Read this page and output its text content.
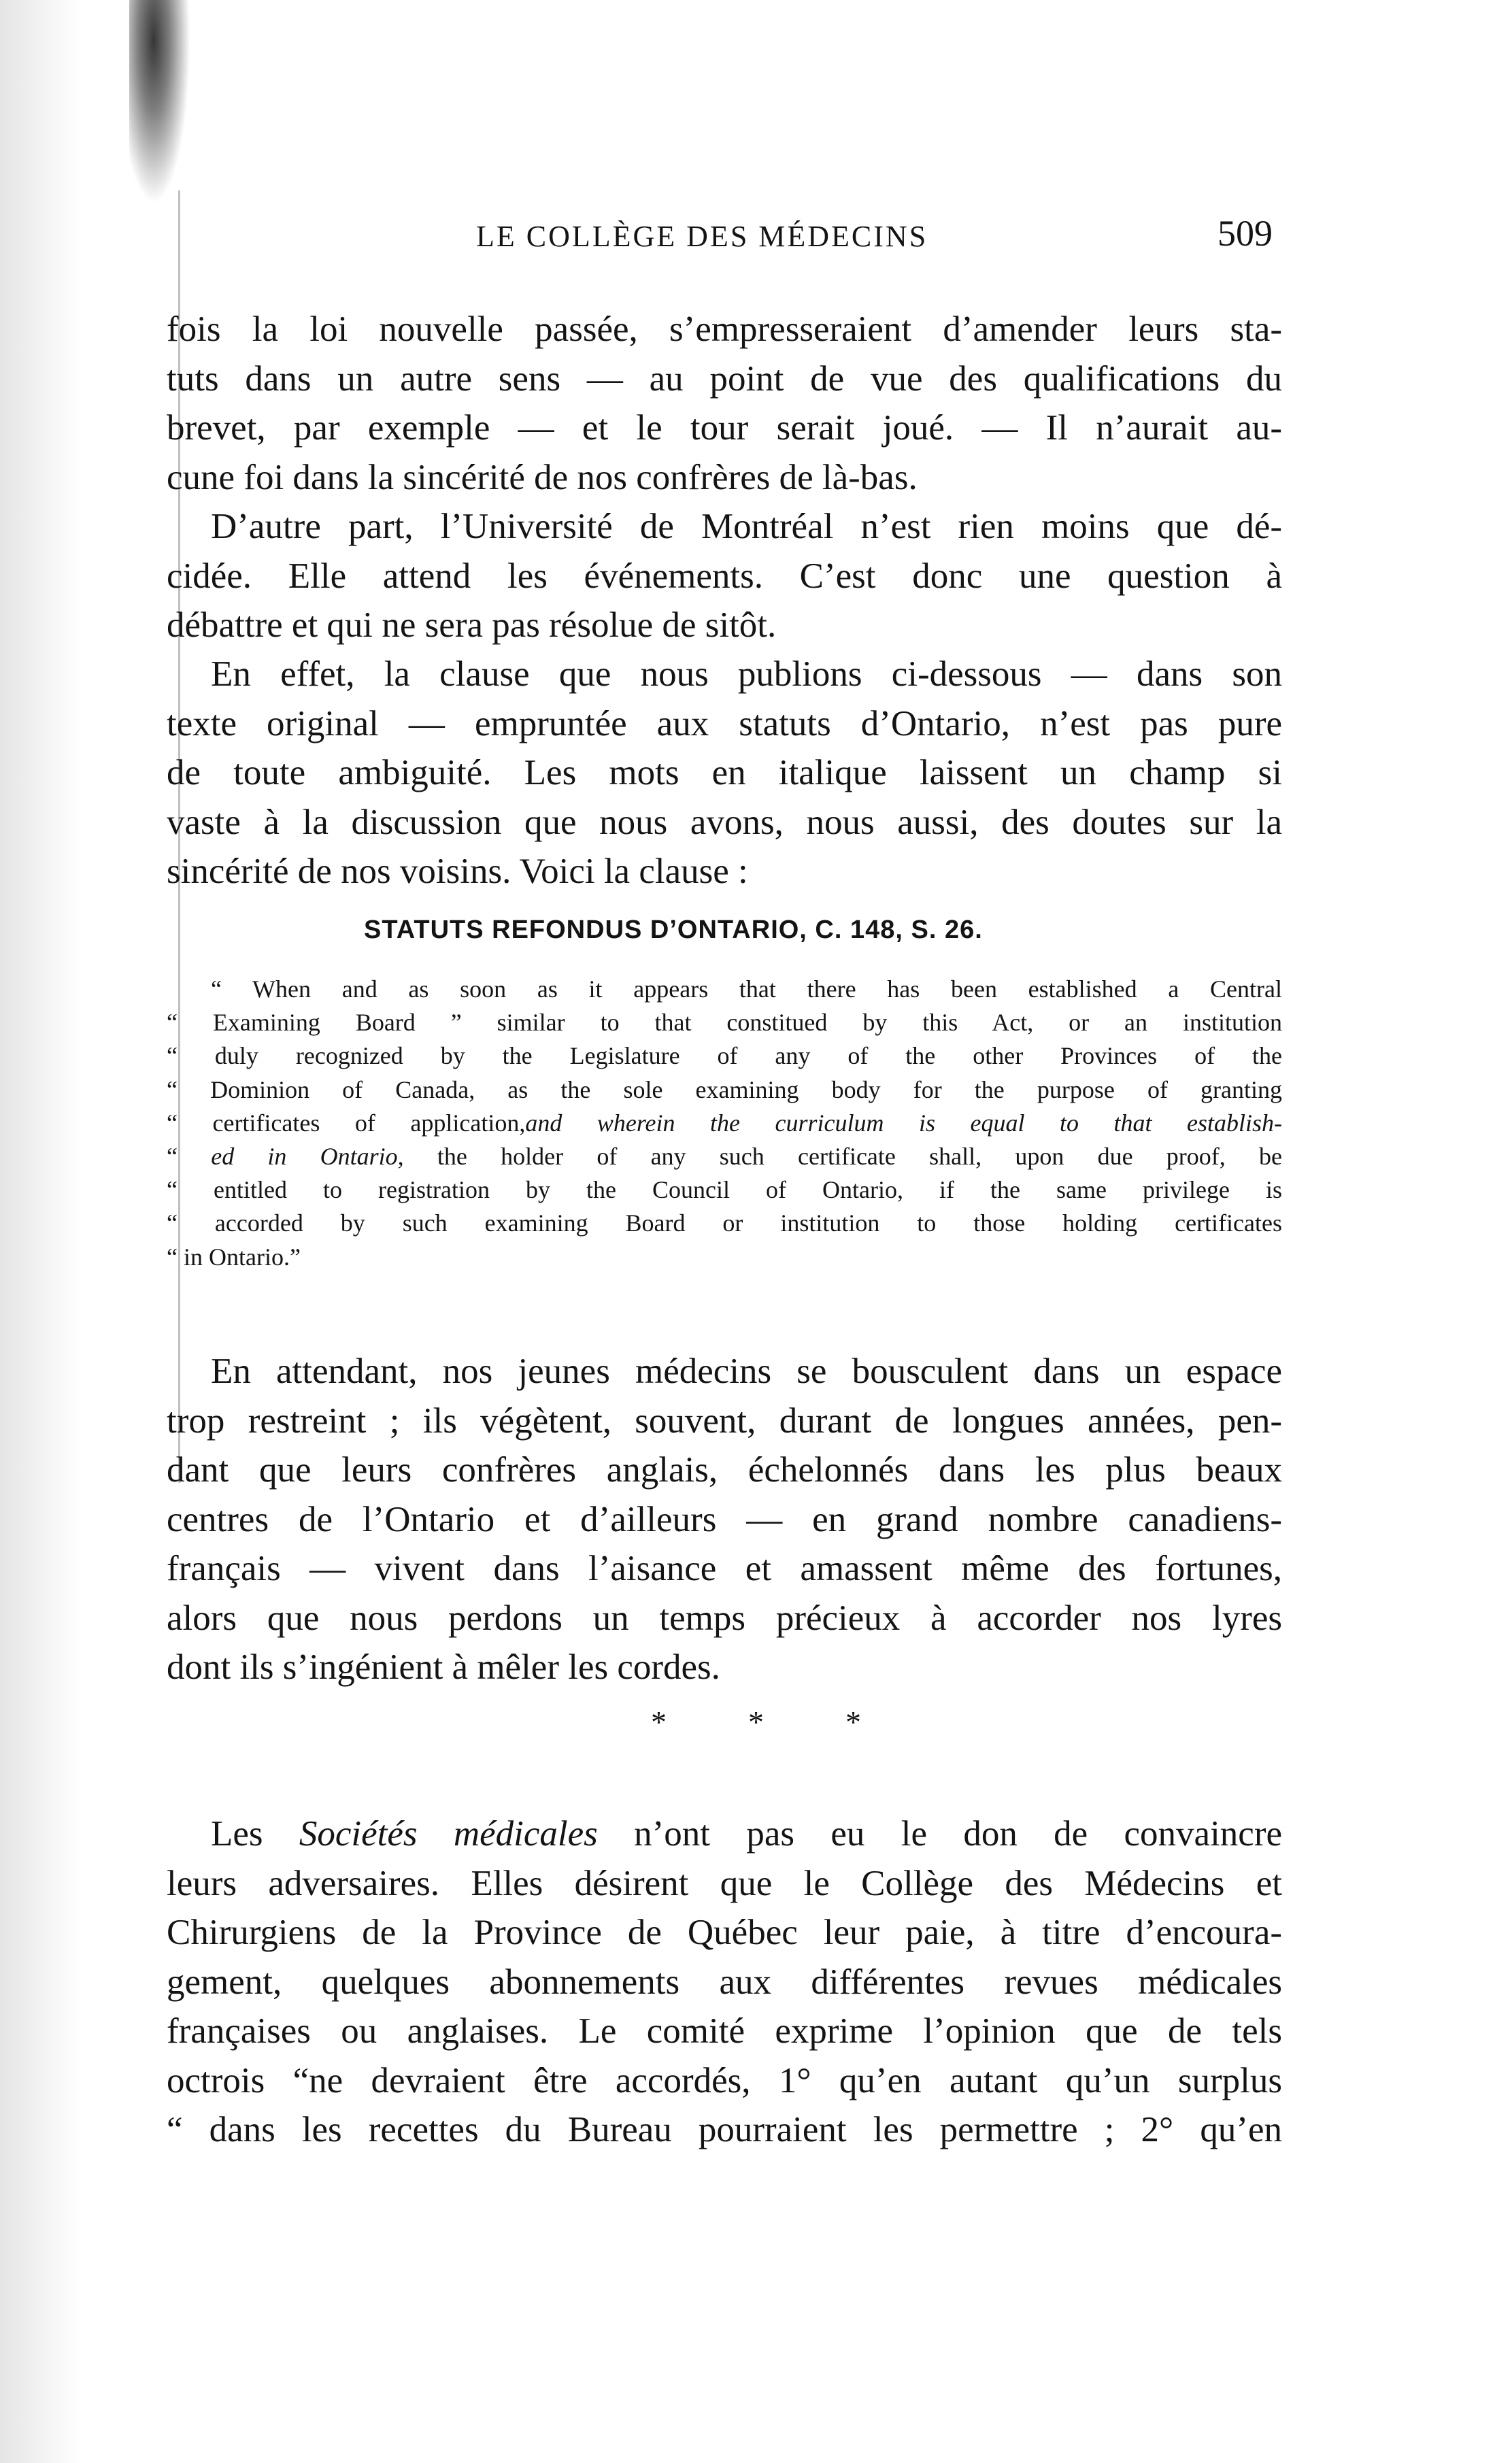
LE COLLÈGE DES MÉDECINS	509
fois la loi nouvelle passée, s’empresseraient d’amender leurs sta-
tuts dans un autre sens — au point de vue des qualifications du
brevet, par exemple — et le tour serait joué. — Il n’aurait au-
cune foi dans la sincérité de nos confrères de là-bas.
D’autre part, l’Université de Montréal n’est rien moins que dé-
cidée. Elle attend les événements. C’est donc une question à
débattre et qui ne sera pas résolue de sitôt.
En effet, la clause que nous publions ci-dessous — dans son
texte original — empruntée aux statuts d’Ontario, n’est pas pure
de toute ambiguité. Les mots en italique laissent un champ si
vaste à la discussion que nous avons, nous aussi, des doutes sur la
sincérité de nos voisins. Voici la clause :
STATUTS REFONDUS D’ONTARIO, C. 148, S. 26.
“ When and as soon as it appears that there has been established a Central
“ Examining Board ” similar to that constitued by this Act, or an institution
“ duly recognized by the Legislature of any of the other Provinces of the
“ Dominion of Canada, as the sole examining body for the purpose of granting
“ certificates of application,and wherein the curriculum is equal to that establish-
“ ed in Ontario, the holder of any such certificate shall, upon due proof, be
“ entitled to registration by the Council of Ontario, if the same privilege is
“ accorded by such examining Board or institution to those holding certificates
“ in Ontario.”
En attendant, nos jeunes médecins se bousculent dans un espace
trop restreint ; ils végètent, souvent, durant de longues années, pen-
dant que leurs confrères anglais, échelonnés dans les plus beaux
centres de l’Ontario et d’ailleurs — en grand nombre canadiens-
français — vivent dans l’aisance et amassent même des fortunes,
alors que nous perdons un temps précieux à accorder nos lyres
dont ils s’ingénient à mêler les cordes.
* * *
Les Sociétés médicales n’ont pas eu le don de convaincre
leurs adversaires. Elles désirent que le Collège des Médecins et
Chirurgiens de la Province de Québec leur paie, à titre d’encoura-
gement, quelques abonnements aux différentes revues médicales
françaises ou anglaises. Le comité exprime l’opinion que de tels
octrois “ne devraient être accordés, 1° qu’en autant qu’un surplus
“ dans les recettes du Bureau pourraient les permettre ; 2° qu’en
